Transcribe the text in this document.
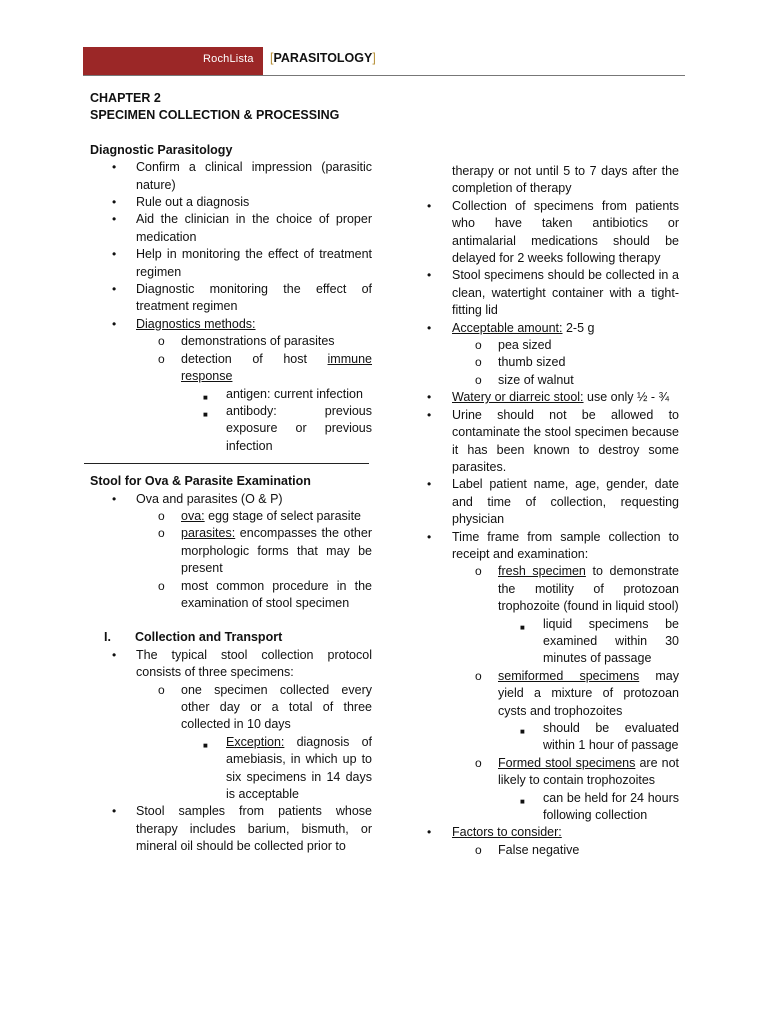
RochLista [PARASITOLOGY]

CHAPTER 2

SPECIMEN COLLECTION & PROCESSING

Diagnostic Parasitology

• Confirm a clinical impression (parasitic nature)
• Rule out a diagnosis
• Aid the clinician in the choice of proper medication
• Help in monitoring the effect of treatment regimen
• Diagnostic monitoring the effect of treatment regimen
• Diagnostics methods:
o demonstrations of parasites
o detection of host immune response
■ antigen: current infection
■ antibody: previous exposure or previous infection

Stool for Ova & Parasite Examination

• Ova and parasites (O & P)
o ova: egg stage of select parasite
o parasites: encompasses the other morphologic forms that may be present
o most common procedure in the examination of stool specimen
I. Collection and Transport
• The typical stool collection protocol consists of three specimens:
o one specimen collected every other day or a total of three collected in 10 days
■ Exception: diagnosis of amebiasis, in which up to six specimens in 14 days is acceptable
• Stool samples from patients whose therapy includes barium, bismuth, or mineral oil should be collected prior to
therapy or not until 5 to 7 days after the completion of therapy
• Collection of specimens from patients who have taken antibiotics or antimalarial medications should be delayed for 2 weeks following therapy
• Stool specimens should be collected in a clean, watertight container with a tight-fitting lid
• Acceptable amount: 2-5 g
o pea sized
o thumb sized
o size of walnut
• Watery or diarreic stool: use only ½ - ¾
• Urine should not be allowed to contaminate the stool specimen because it has been known to destroy some parasites.
• Label patient name, age, gender, date and time of collection, requesting physician
• Time frame from sample collection to receipt and examination:
o fresh specimen to demonstrate the motility of protozoan trophozoite (found in liquid stool)
■ liquid specimens be examined within 30 minutes of passage
o semiformed specimens may yield a mixture of protozoan cysts and trophozoites
■ should be evaluated within 1 hour of passage
o Formed stool specimens are not likely to contain trophozoites
■ can be held for 24 hours following collection
• Factors to consider:
o False negative
